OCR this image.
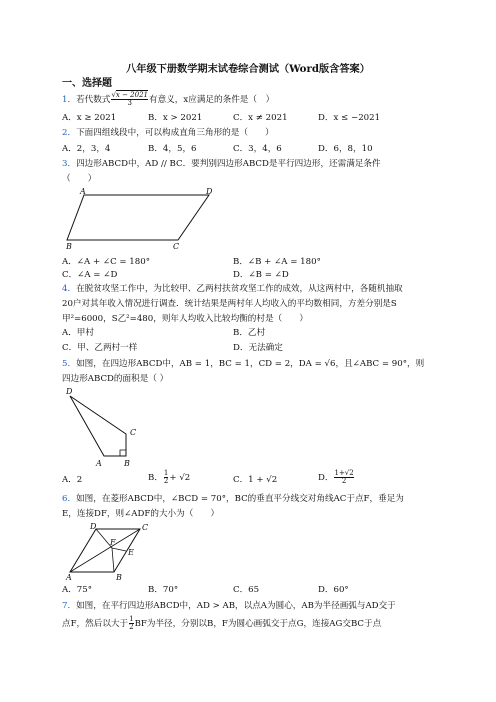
八年级下册数学期末试卷综合测试（Word版含答案）
一、选择题
1．若代数式 $\frac{√x - 2021}{3}$ 有意义，x应满足的条件是（　）
A．x ≥ 2021	B．x > 2021	C．x ≠ 2021	D．x ≤ −2021
2．下面四组线段中，可以构成直角三角形的是（　　）
A．2，3，4	B．4，5，6	C．3，4，6	D．6，8，10
3．四边形ABCD中，AD // BC．要判别四边形ABCD是平行四边形，还需满足条件
（　　）
A	D
B	C
A．∠A + ∠C = 180°	B．∠B + ∠A = 180°
C．∠A = ∠D	D．∠B = ∠D
4．在脱贫攻坚工作中，为比较甲、乙两村扶贫攻坚工作的成效，从这两村中，各随机抽取
20户对其年收入情况进行调查．统计结果是两村年人均收入的平均数相同，方差分别是S
甲²=6000，S乙²=480，则年人均收入比较均衡的村是（　　）
A．甲村	B．乙村
C．甲、乙两村一样	D．无法确定
5．如图，在四边形ABCD中，AB = 1，BC = 1，CD = 2，DA = √6，且∠ABC = 90°，则
四边形ABCD的面积是（ ）
D
C
A	B
A．2	B． $\frac{1}{2} + √2$	C．1 + √2	D． $\frac{1+√2}{2}$
6．如图，在菱形ABCD中，∠BCD = 70°，BC的垂直平分线交对角线AC于点F，垂足为
E，连接DF，则∠ADF的大小为（　　）
D	C
F
E
A	B
A．75°	B．70°	C．65	D．60°
7．如图，在平行四边形ABCD中，AD > AB，以点A为圆心，AB为半径画弧与AD交于
点F，然后以大于 $\frac{1}{2}$ BF为半径，分别以B，F为圆心画弧交于点G，连接AG交BC于点
